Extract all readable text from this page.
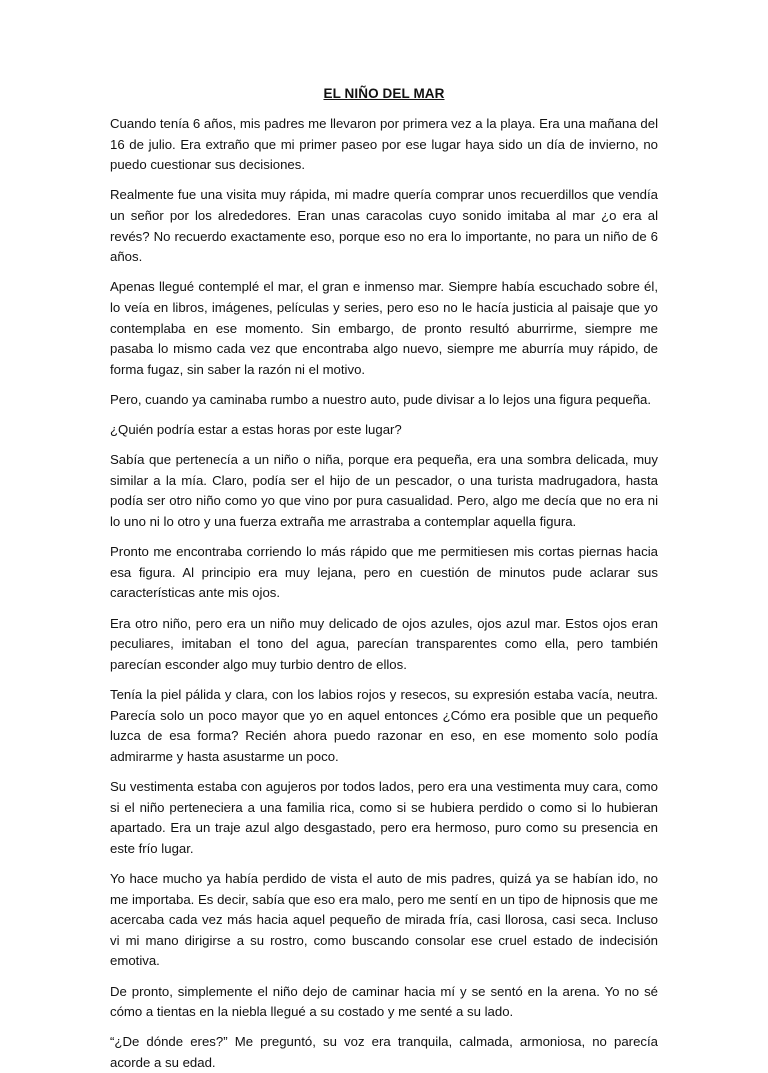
EL NIÑO DEL MAR

Cuando tenía 6 años, mis padres me llevaron por primera vez a la playa. Era una mañana del 16 de julio. Era extraño que mi primer paseo por ese lugar haya sido un día de invierno, no puedo cuestionar sus decisiones.

Realmente fue una visita muy rápida, mi madre quería comprar unos recuerdillos que vendía un señor por los alrededores. Eran unas caracolas cuyo sonido imitaba al mar ¿o era al revés? No recuerdo exactamente eso, porque eso no era lo importante, no para un niño de 6 años.

Apenas llegué contemplé el mar, el gran e inmenso mar. Siempre había escuchado sobre él, lo veía en libros, imágenes, películas y series, pero eso no le hacía justicia al paisaje que yo contemplaba en ese momento. Sin embargo, de pronto resultó aburrirme, siempre me pasaba lo mismo cada vez que encontraba algo nuevo, siempre me aburría muy rápido, de forma fugaz, sin saber la razón ni el motivo.

Pero, cuando ya caminaba rumbo a nuestro auto, pude divisar a lo lejos una figura pequeña.

¿Quién podría estar a estas horas por este lugar?

Sabía que pertenecía a un niño o niña, porque era pequeña, era una sombra delicada, muy similar a la mía. Claro, podía ser el hijo de un pescador, o una turista madrugadora, hasta podía ser otro niño como yo que vino por pura casualidad. Pero, algo me decía que no era ni lo uno ni lo otro y una fuerza extraña me arrastraba a contemplar aquella figura.

Pronto me encontraba corriendo lo más rápido que me permitiesen mis cortas piernas hacia esa figura. Al principio era muy lejana, pero en cuestión de minutos pude aclarar sus características ante mis ojos.

Era otro niño, pero era un niño muy delicado de ojos azules, ojos azul mar. Estos ojos eran peculiares, imitaban el tono del agua, parecían transparentes como ella, pero también parecían esconder algo muy turbio dentro de ellos.

Tenía la piel pálida y clara, con los labios rojos y resecos, su expresión estaba vacía, neutra. Parecía solo un poco mayor que yo en aquel entonces ¿Cómo era posible que un pequeño luzca de esa forma? Recién ahora puedo razonar en eso, en ese momento solo podía admirarme y hasta asustarme un poco.

Su vestimenta estaba con agujeros por todos lados, pero era una vestimenta muy cara, como si el niño perteneciera a una familia rica, como si se hubiera perdido o como si lo hubieran apartado. Era un traje azul algo desgastado, pero era hermoso, puro como su presencia en este frío lugar.

Yo hace mucho ya había perdido de vista el auto de mis padres, quizá ya se habían ido, no me importaba. Es decir, sabía que eso era malo, pero me sentí en un tipo de hipnosis que me acercaba cada vez más hacia aquel pequeño de mirada fría, casi llorosa, casi seca. Incluso vi mi mano dirigirse a su rostro, como buscando consolar ese cruel estado de indecisión emotiva.

De pronto, simplemente el niño dejo de caminar hacia mí y se sentó en la arena. Yo no sé cómo a tientas en la niebla llegué a su costado y me senté a su lado.

“¿De dónde eres?” Me preguntó, su voz era tranquila, calmada, armoniosa, no parecía acorde a su edad.
